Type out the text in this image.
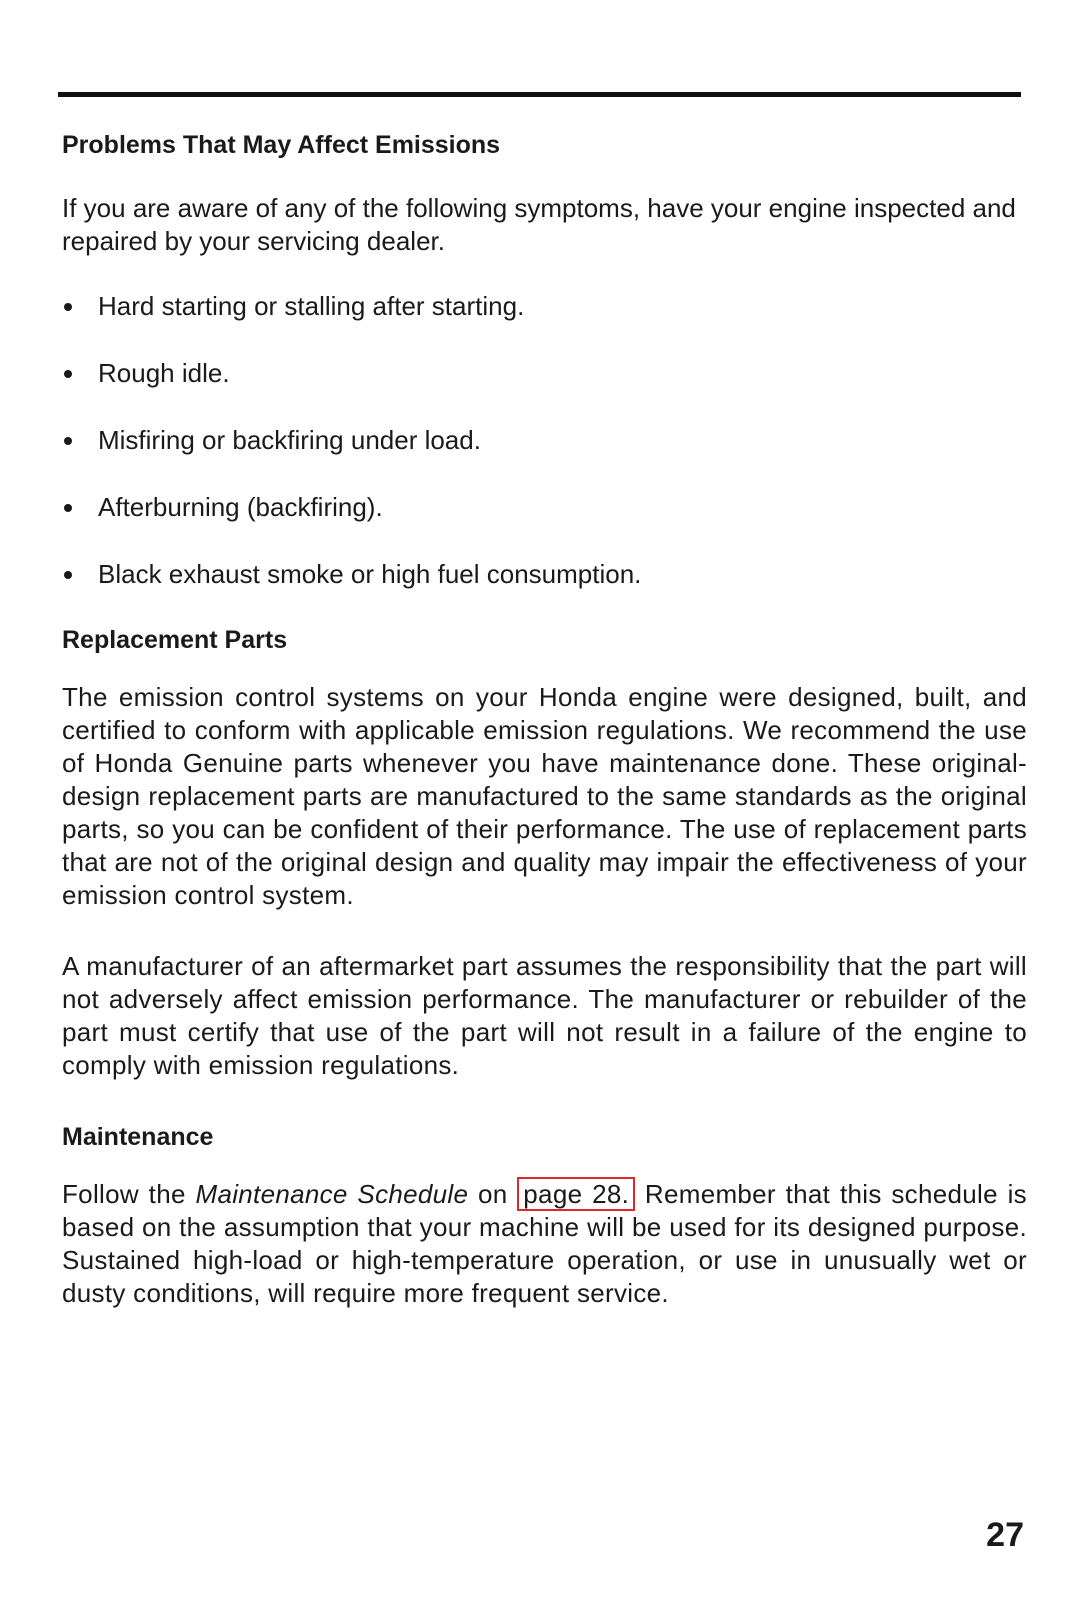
Problems That May Affect Emissions

If you are aware of any of the following symptoms, have your engine inspected and repaired by your servicing dealer.

Hard starting or stalling after starting.
Rough idle.
Misfiring or backfiring under load.
Afterburning (backfiring).
Black exhaust smoke or high fuel consumption.
Replacement Parts

The emission control systems on your Honda engine were designed, built, and certified to conform with applicable emission regulations. We recommend the use of Honda Genuine parts whenever you have maintenance done. These original-design replacement parts are manufactured to the same standards as the original parts, so you can be confident of their performance. The use of replacement parts that are not of the original design and quality may impair the effectiveness of your emission control system.

A manufacturer of an aftermarket part assumes the responsibility that the part will not adversely affect emission performance. The manufacturer or rebuilder of the part must certify that use of the part will not result in a failure of the engine to comply with emission regulations.

Maintenance

Follow the Maintenance Schedule on page 28. Remember that this schedule is based on the assumption that your machine will be used for its designed purpose. Sustained high-load or high-temperature operation, or use in unusually wet or dusty conditions, will require more frequent service.

27
